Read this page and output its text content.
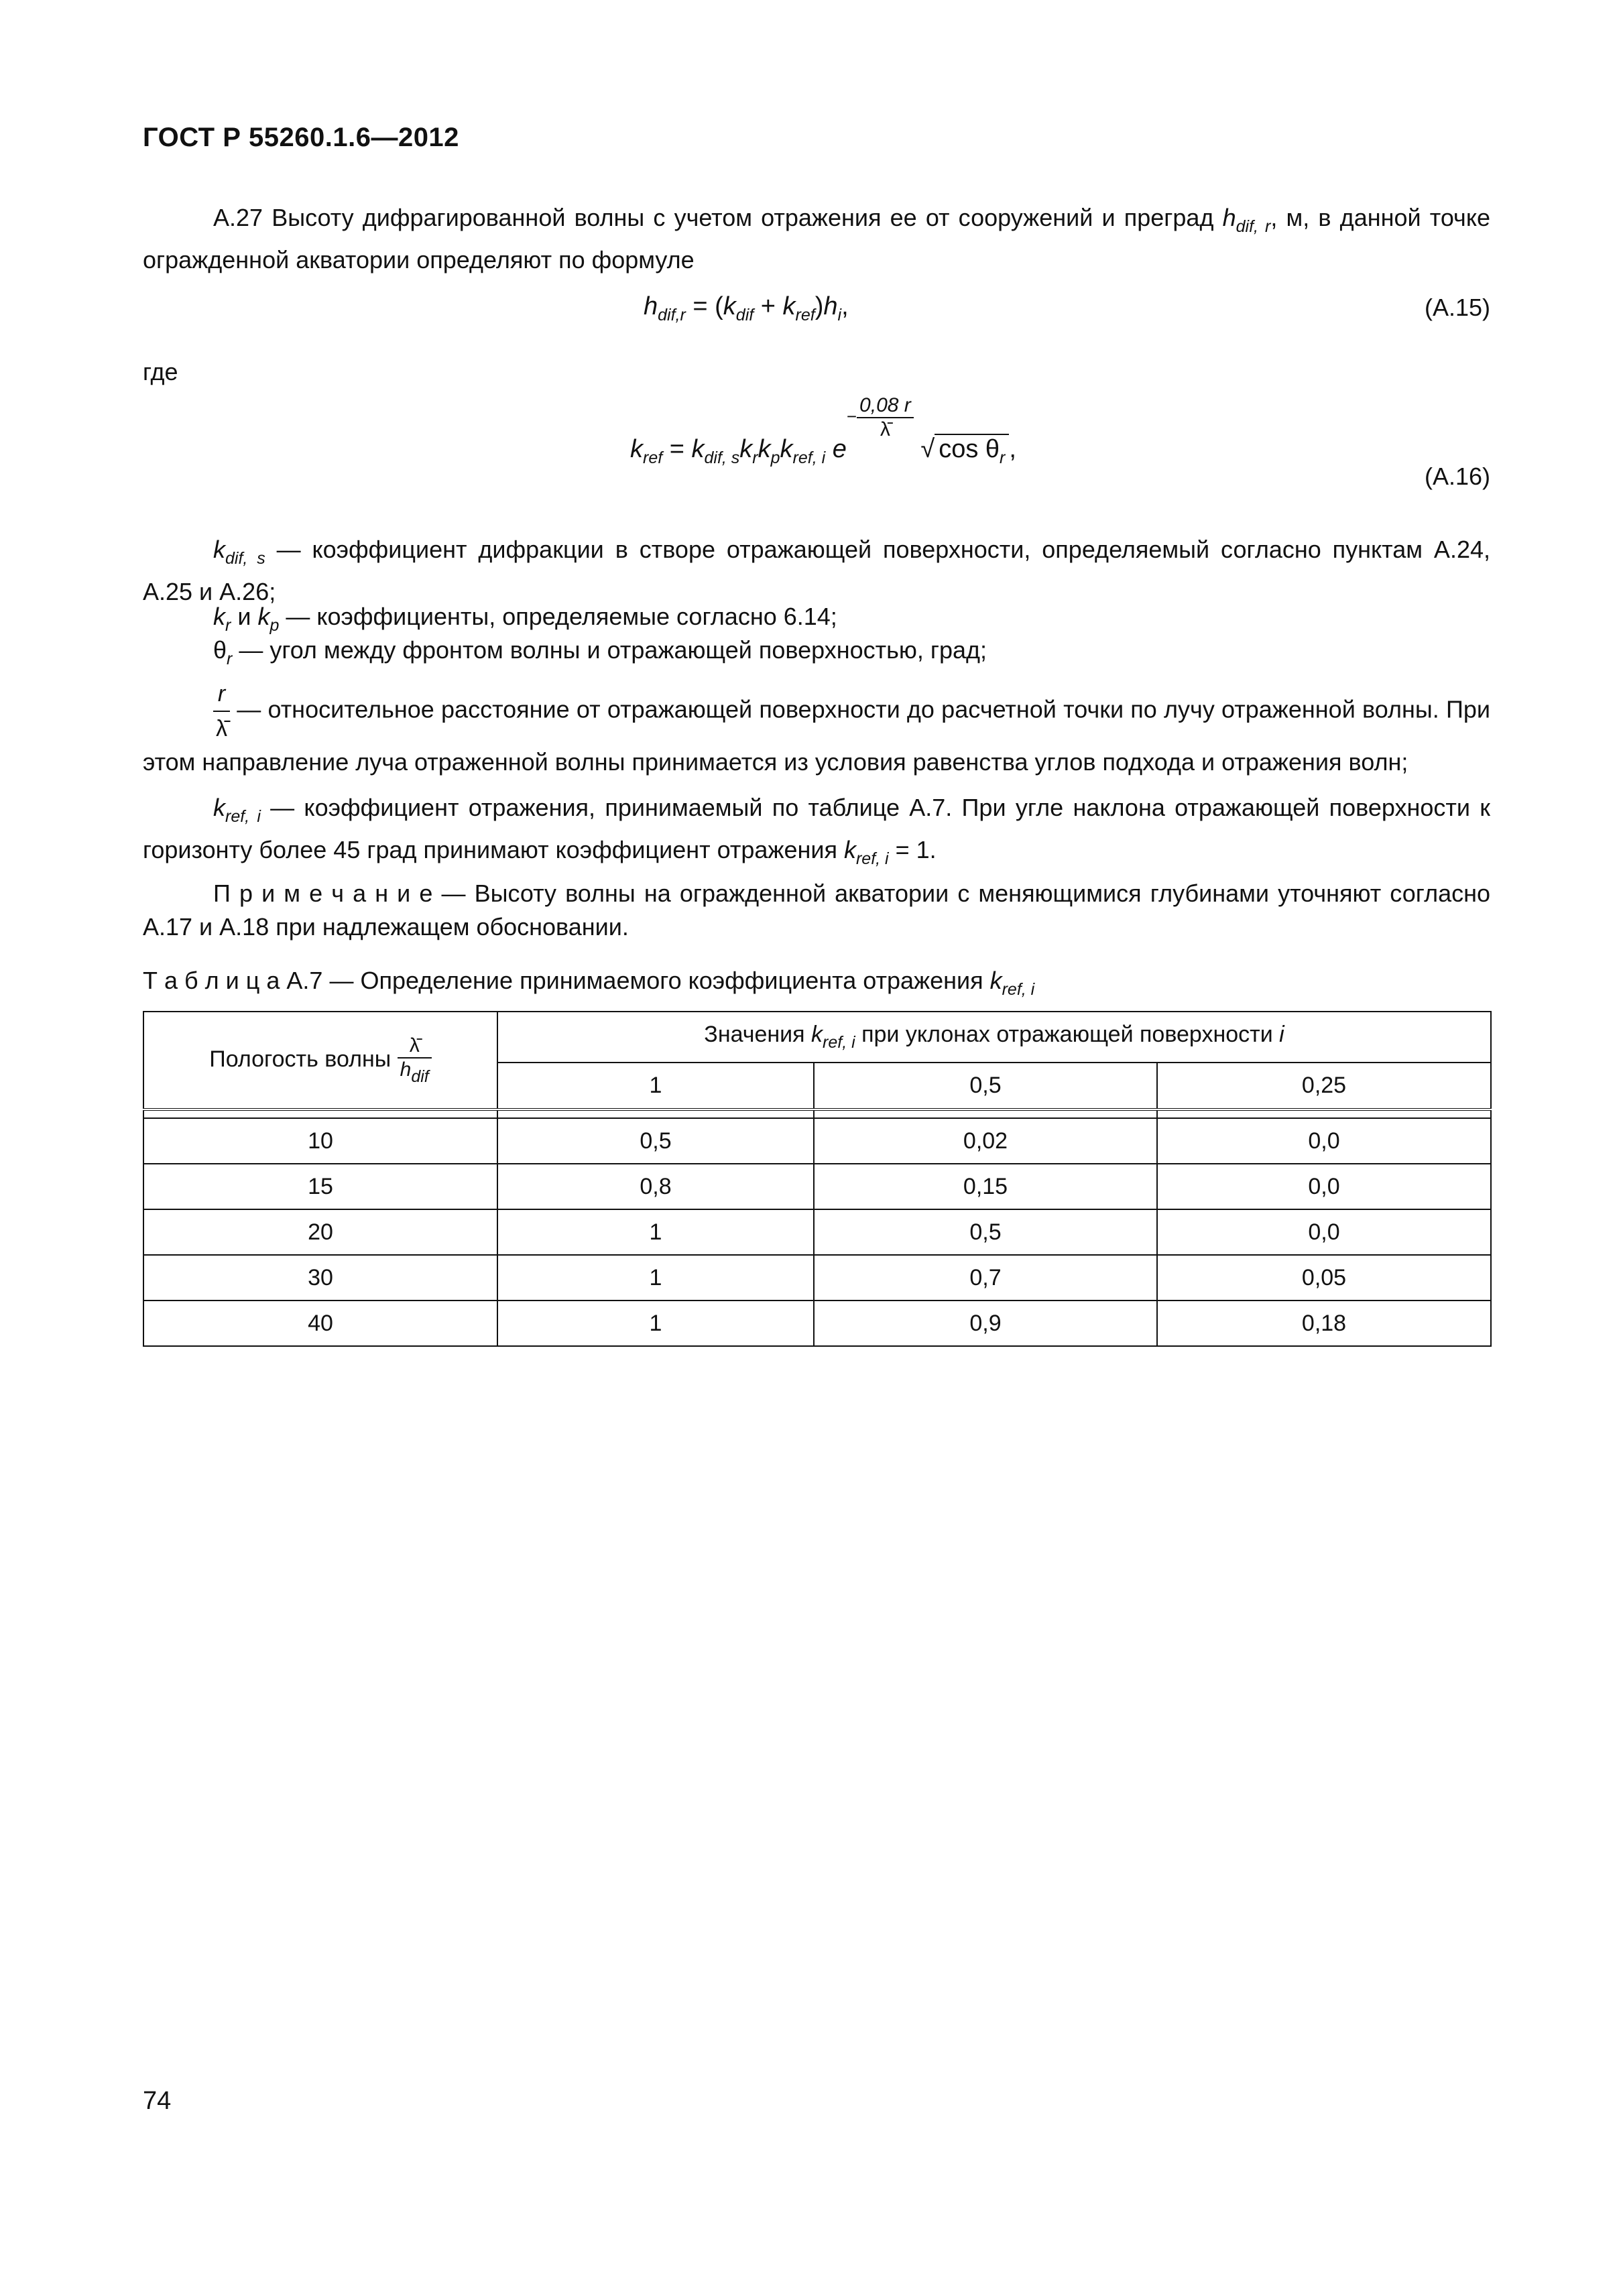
ГОСТ Р 55260.1.6—2012
А.27 Высоту дифрагированной волны с учетом отражения ее от сооружений и преград $h_{dif, r}$, м, в данной точке огражденной акватории определяют по формуле
$h_{dif,r} = (k_{dif} + k_{ref})h_i$,	(А.15)
где
$k_{ref} = k_{dif, s}k_rk_pk_{ref, i}$ $e^{- \frac{0,08 r}{\lambdā}}$
√ $\cos \theta_r$ ,
(А.16)
$k_{dif, s}$ — коэффициент дифракции в створе отражающей поверхности, определяемый согласно пунктам А.24, А.25 и А.26;
$k_r$ и $k_p$ — коэффициенты, определяемые согласно 6.14;
$\theta_r$ — угол между фронтом волны и отражающей поверхностью, град;
$\frac{r}{\lambdā}$ — относительное расстояние от отражающей поверхности до расчетной точки по лучу отраженной волны. При этом направление луча отраженной волны принимается из условия равенства углов подхода и отражения волн;
$k_{ref, i}$ — коэффициент отражения, принимаемый по таблице А.7. При угле наклона отражающей поверхности к горизонту более 45 град принимают коэффициент отражения $k_{ref, i} = 1$.
П р и м е ч а н и е — Высоту волны на огражденной акватории с меняющимися глубинами уточняют согласно А.17 и А.18 при надлежащем обосновании.
Т а б л и ц а А.7 — Определение принимаемого коэффициента отражения $k_{ref, i}$
Пологость волны $\frac{\lambdā}{h_{dif}}$	Значения $k_{ref, i}$ при уклонах отражающей поверхности i		
	1	0,5	0,25

10	0,5	0,02	0,0
15	0,8	0,15	0,0
20	1	0,5	0,0
30	1	0,7	0,05
40	1	0,9	0,18
74
